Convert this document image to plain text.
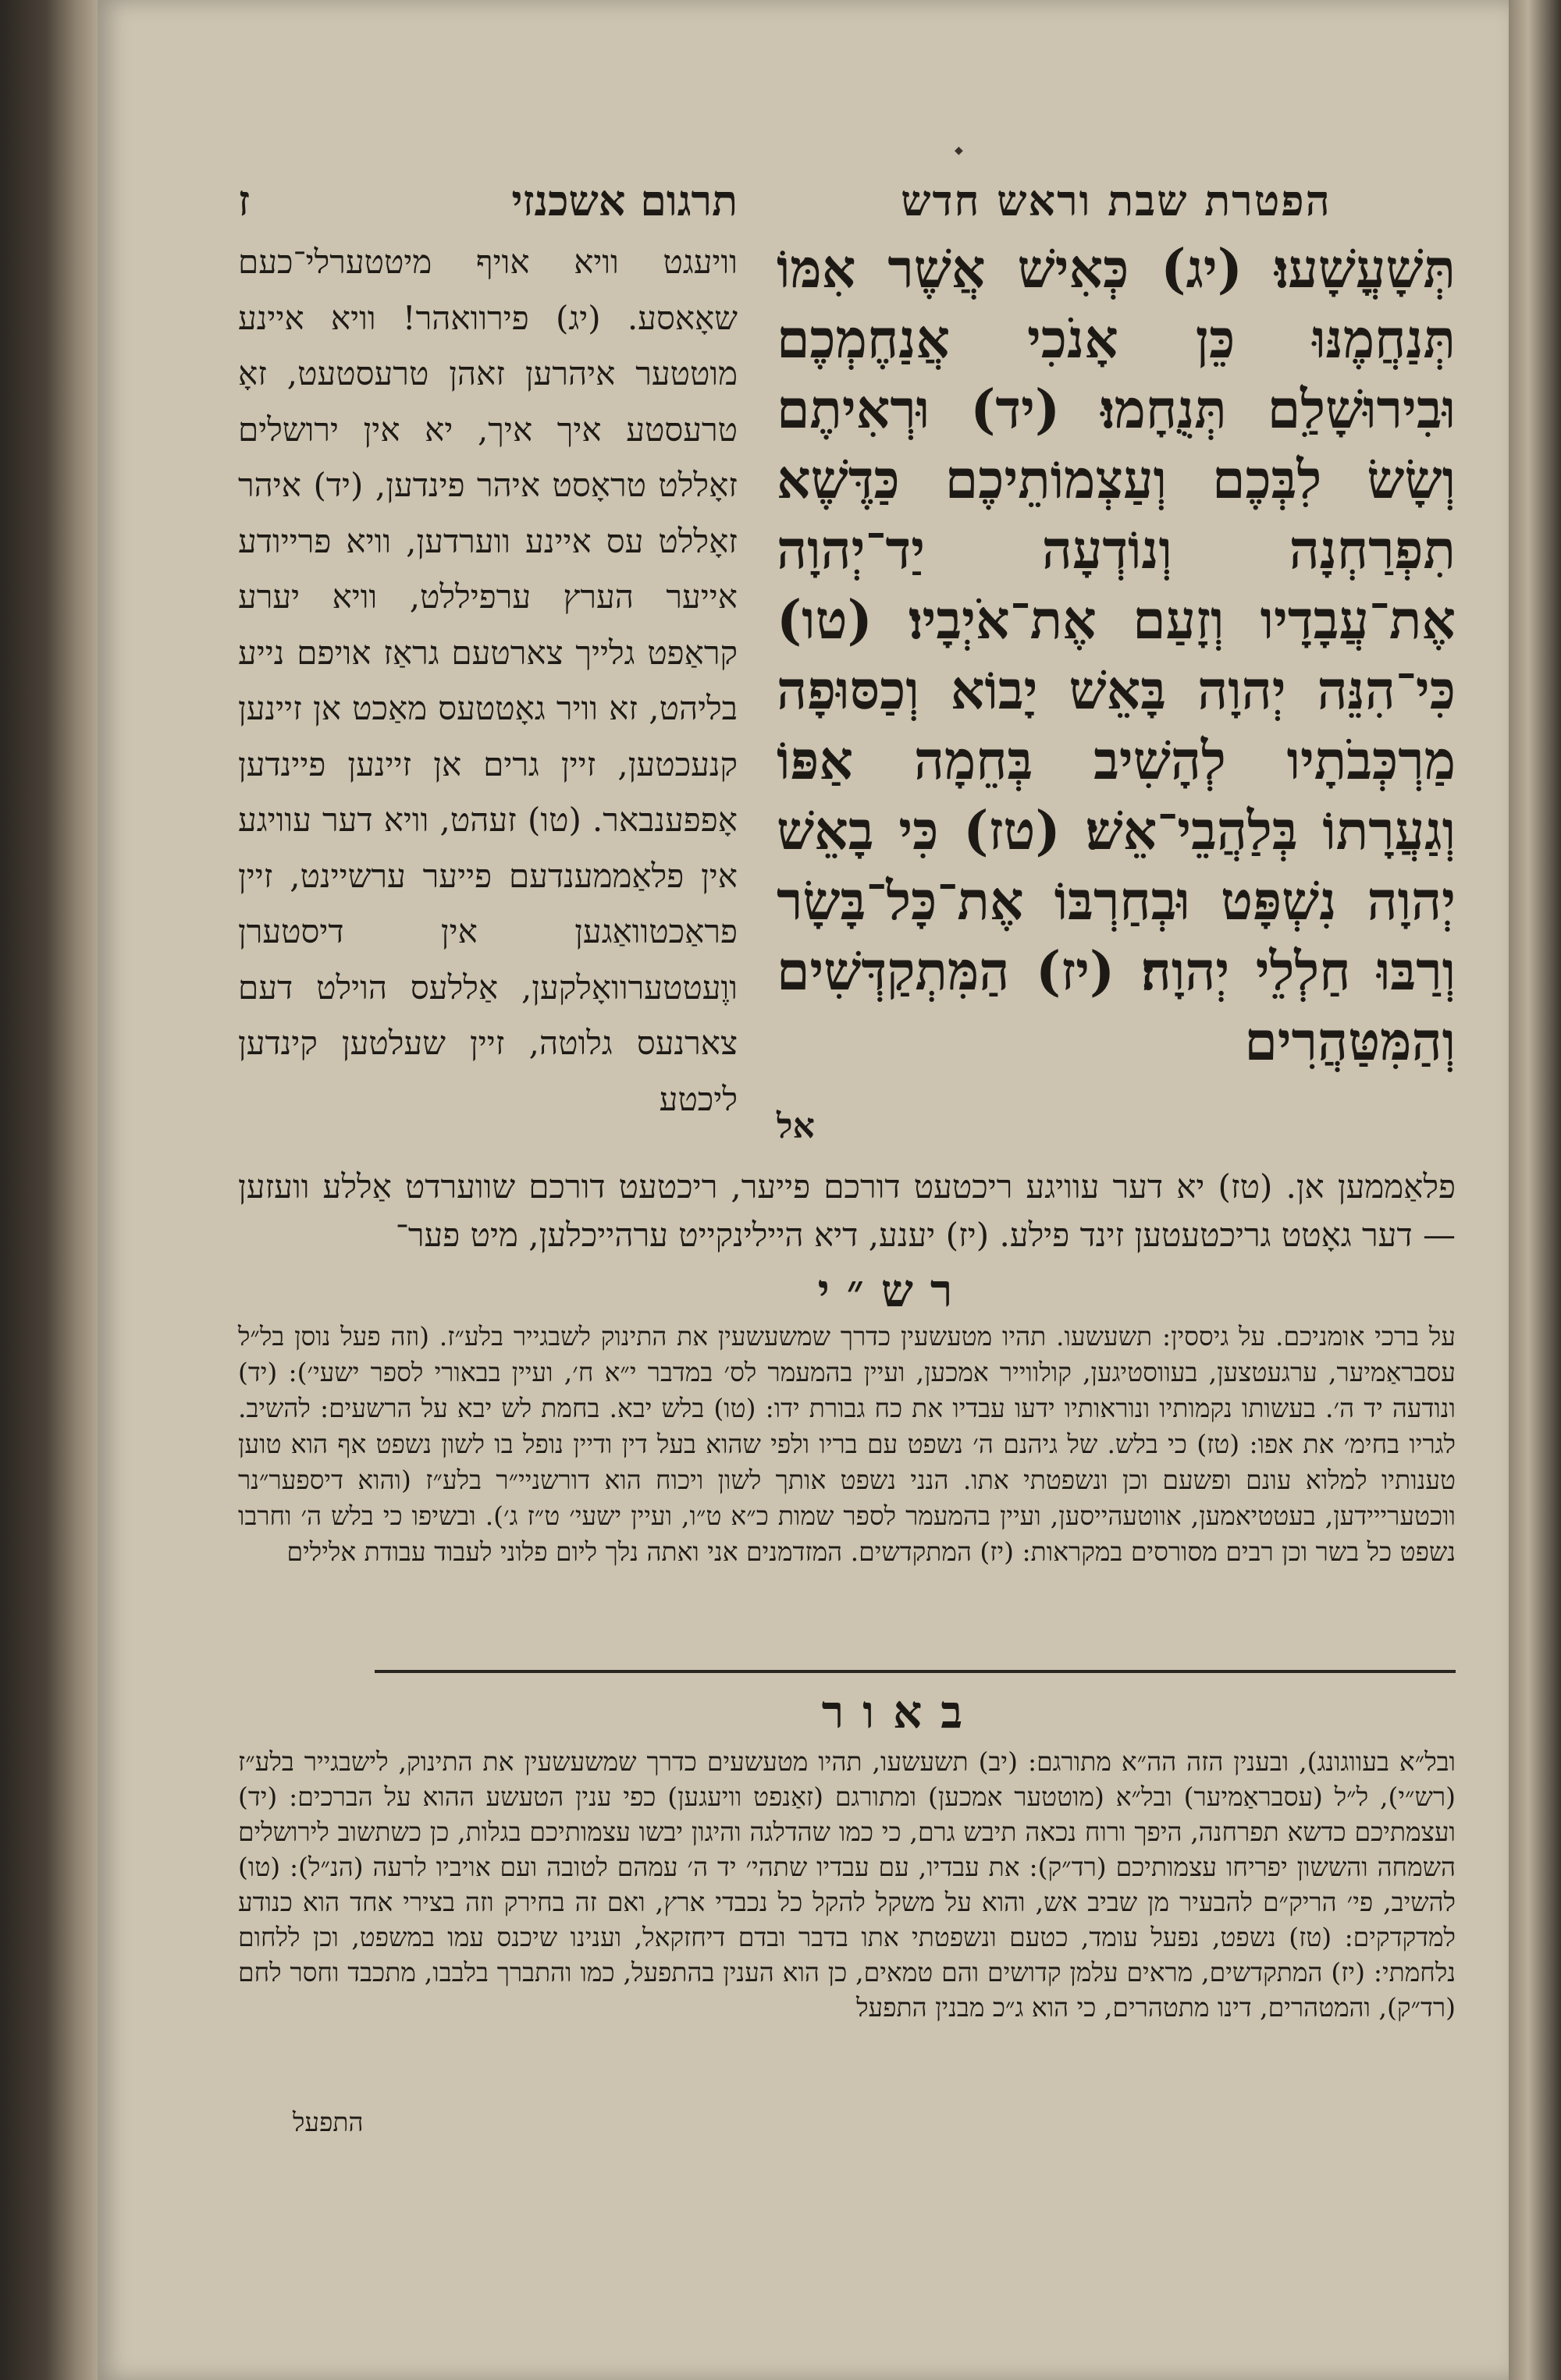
◆
הפטרת שבת וראש חדש
תרגום אשכנזי
ז
תְּשָׁעֳשָׁעוּ׃ (יג) כְּאִישׁ אֲשֶׁר אִמּוֹ תְּנַחֲמֶנּוּ כֵּן אָנֹכִי אֲנַחֶמְכֶם וּבִירוּשָׁלִַם תְּנֻחָמוּ׃ (יד) וּרְאִיתֶם וְשָׂשׂ לִבְּכֶם וְעַצְמוֹתֵיכֶם כַּדֶּשֶׁא תִפְרַחְנָה וְנוֹדְעָה יַד־יְהוָה אֶת־עֲבָדָיו וְזָעַם אֶת־אֹיְבָיו׃ (טו) כִּי־הִנֵּה יְהוָה בָּאֵשׁ יָבוֹא וְכַסּוּפָה מַרְכְּבֹתָיו לְהָשִׁיב בְּחֵמָה אַפּוֹ וְגַעֲרָתוֹ בְּלַהֲבֵי־אֵשׁ׃ (טז) כִּי בָאֵשׁ יְהוָה נִשְׁפָּט וּבְחַרְבּוֹ אֶת־כָּל־בָּשָׂר וְרַבּוּ חַלְלֵי יְהוָה׃ (יז) הַמִּתְקַדְּשִׁים וְהַמִּטַּהֲרִים
אל
וויעגט וויא אויף מיטטערלי־כעם שאָאסע. (יג) פירוואהר! וויא איינע מוטטער איהרען זאהן טרעסטעט, זאָ טרעסטע איך איך, יא אין ירושלים זאָללט טראָסט איהר פינדען, (יד) איהר זאָללט עס איינע ווערדען, וויא פרייודע אייער הערץ ערפיללט, וויא יערע קראַפט גלייך צארטעם גראַז אויפם נייע בליהט, זא וויר גאָטטעס מאַכט אן זיינען קנעכטען, זיין גרים אן זיינען פיינדען אָפפענבאר. (טו) זעהט, וויא דער עוויגע אין פלאַממענדעם פייער ערשיינט, זיין פראַכטוואַגען אין דיסטערן ווֶעטטערוואָלקען, אַללעס הוילט דעם צארנעס גלוטה, זיין שעלטען קינדען ליכטע
פלאַממען אן. (טז) יא דער עוויגע ריכטעט דורכם פייער, ריכטעט דורכם שווערדט אַללע וועזען — דער גאָטט גריכטעטען זינד פילע. (יז) יענע, דיא היילינקייט ערהייכלען, מיט פער־
רש״י
על ברכי אומניכם. על גיססין: תשעשעו. תהיו מטעשעין כדרך שמשעשעין את התינוק לשבגייר בלע״ז. (וזה פעל נוסן בל״ל עסבראַמיער, ערגעטצען, בעווסטיגען, קולווייר אמכען, ועיין בהמעמר לס׳ במדבר י״א ח׳, ועיין בבאורי לספר ישעי׳): (יד) ונודעה יד ה׳. בעשותו נקמותיו ונוראותיו ידעו עבדיו את כח גבורת ידו: (טו) בלש יבא. בחמת לש יבא על הרשעים: להשיב. לגריו בחימ׳ את אפו: (טז) כי בלש. של גיהנם ה׳ נשפט עם בריו ולפי שהוא בעל דין ודיין נופל בו לשון נשפט אף הוא טוען טענותיו למלוא עונם ופשעם וכן ונשפטתי אתו. הנני נשפט אותך לשון ויכוח הוא דורשניי״ר בלע״ז (והוא דיספער״נר ווכטערייידען, בעטטיאמען, אווטעהייסען, ועיין בהמעמר לספר שמות כ״א ט״ו, ועיין ישעי׳ ט״ז ג׳). ובשיפו כי בלש ה׳ וחרבו נשפט כל בשר וכן רבים מסורסים במקראות: (יז) המתקדשים. המזדמנים אני ואתה נלך ליום פלוני לעבוד עבודת אלילים
באור
ובל״א בעווגונג), ובענין הזה הה״א מתורגם: (יב) תשעשעו, תהיו מטעשעים כדרך שמשעשעין את התינוק, לישבגייר בלע״ז (רש״י), ל״ל (עסבראַמיער) ובל״א (מוטטער אמכען) ומתורגם (זאַנפט וויעגען) כפי ענין הטעשע ההוא על הברכים: (יד) ועצמתיכם כדשא תפרחנה, היפך ורוח נכאה תיבש גרם, כי כמו שהדלגה והיגון יבשו עצמותיכם בגלות, כן כשתשוב לירושלים השמחה והששון יפריחו עצמותיכם (רד״ק): את עבדיו, עם עבדיו שתהי׳ יד ה׳ עמהם לטובה ועם אויביו לרעה (הנ״ל): (טו) להשיב, פי׳ הריק״ם להבעיר מן שביב אש, והוא על משקל להקל כל נכבדי ארץ, ואם זה בחירק וזה בצירי אחד הוא כנודע למדקדקים: (טז) נשפט, נפעל עומד, כטעם ונשפטתי אתו בדבר ובדם דיחזקאל, וענינו שיכנס עמו במשפט, וכן ללחום נלחמתי: (יז) המתקדשים, מראים עלמן קדושים והם טמאים, כן הוא הענין בהתפעל, כמו והתברך בלבבו, מתכבד וחסר לחם (רד״ק), והמטהרים, דינו מתטהרים, כי הוא ג״כ מבנין התפעל
התפעל
